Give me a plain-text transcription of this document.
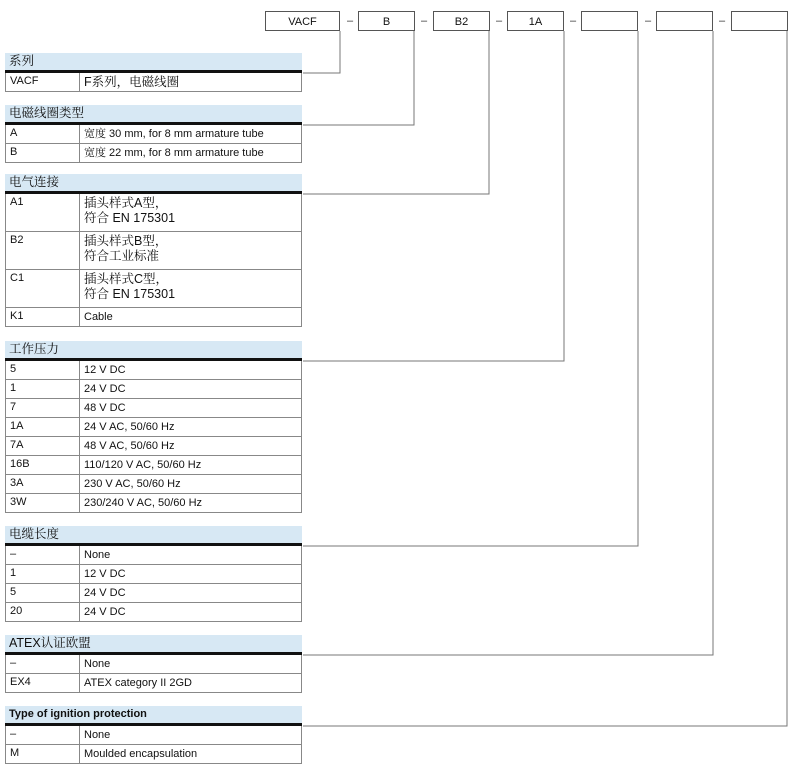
VACF	–	B	–	B2	–	1A	–	–	–
系列
VACF	F系列，电磁线圈
电磁线圈类型
A	宽度 30 mm, for 8 mm armature tube
B	宽度 22 mm, for 8 mm armature tube
电气连接
A1	插头样式A型，
符合 EN 175301
B2	插头样式B型，
符合工业标准
C1	插头样式C型，
符合 EN 175301
K1	Cable
工作压力
5	12 V DC
1	24 V DC
7	48 V DC
1A	24 V AC, 50/60 Hz
7A	48 V AC, 50/60 Hz
16B	110/120 V AC, 50/60 Hz
3A	230 V AC, 50/60 Hz
3W	230/240 V AC, 50/60 Hz
电缆长度
–	None
1	12 V DC
5	24 V DC
20	24 V DC
ATEX认证欧盟
–	None
EX4	ATEX category II 2GD
Type of ignition protection
–	None
M	Moulded encapsulation
